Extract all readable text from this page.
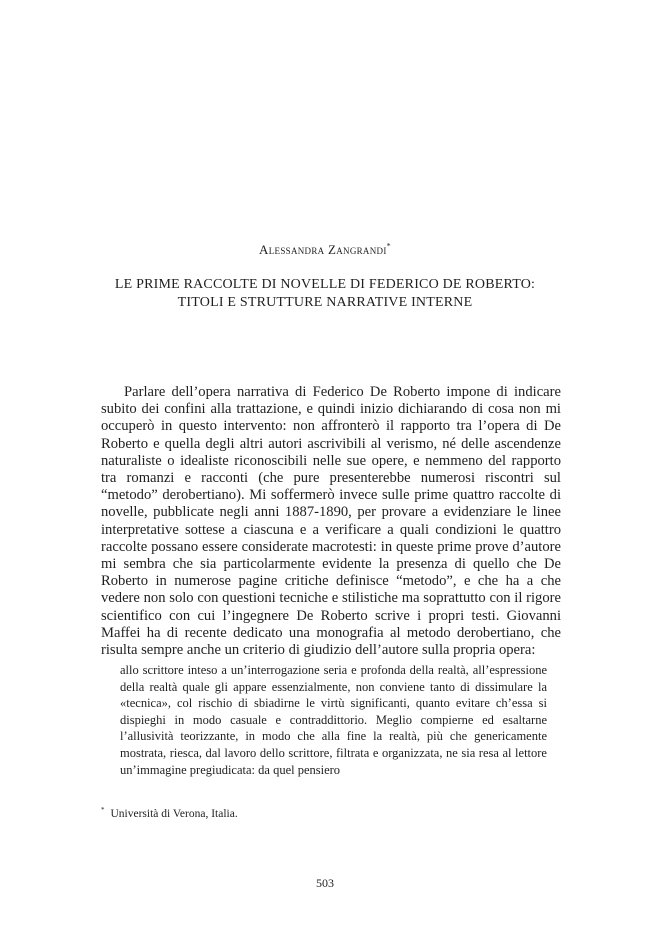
Alessandra Zangrandi*
LE PRIME RACCOLTE DI NOVELLE DI FEDERICO DE ROBERTO:
TITOLI E STRUTTURE NARRATIVE INTERNE

Parlare dell’opera narrativa di Federico De Roberto impone di indicare subito dei confini alla trattazione, e quindi inizio dichiarando di cosa non mi occuperò in questo intervento: non affronterò il rapporto tra l’opera di De Roberto e quella degli altri autori ascrivibili al verismo, né delle ascendenze naturaliste o idealiste riconoscibili nelle sue opere, e nemmeno del rapporto tra romanzi e racconti (che pure presenterebbe numerosi riscontri sul “metodo” derobertiano). Mi soffermerò invece sulle prime quattro raccolte di novelle, pubblicate negli anni 1887-1890, per provare a evidenziare le linee interpretative sottese a ciascuna e a verificare a quali condizioni le quattro raccolte possano essere considerate macrotesti: in queste prime prove d’autore mi sembra che sia particolarmente evidente la presenza di quello che De Roberto in numerose pagine critiche definisce “metodo”, e che ha a che vedere non solo con questioni tecniche e stilistiche ma soprattutto con il rigore scientifico con cui l’ingegnere De Roberto scrive i propri testi. Giovanni Maffei ha di recente dedicato una monografia al metodo derobertiano, che risulta sempre anche un criterio di giudizio dell’autore sulla propria opera:

allo scrittore inteso a un’interrogazione seria e profonda della realtà, all’espressione della realtà quale gli appare essenzialmente, non conviene tanto di dissimulare la «tecnica», col rischio di sbiadirne le virtù significanti, quanto evitare ch’essa si dispieghi in modo casuale e contraddittorio. Meglio compierne ed esaltarne l’allusività teorizzante, in modo che alla fine la realtà, più che genericamente mostrata, riesca, dal lavoro dello scrittore, filtrata e organizzata, ne sia resa al lettore un’immagine pregiudicata: da quel pensiero

* Università di Verona, Italia.
503
